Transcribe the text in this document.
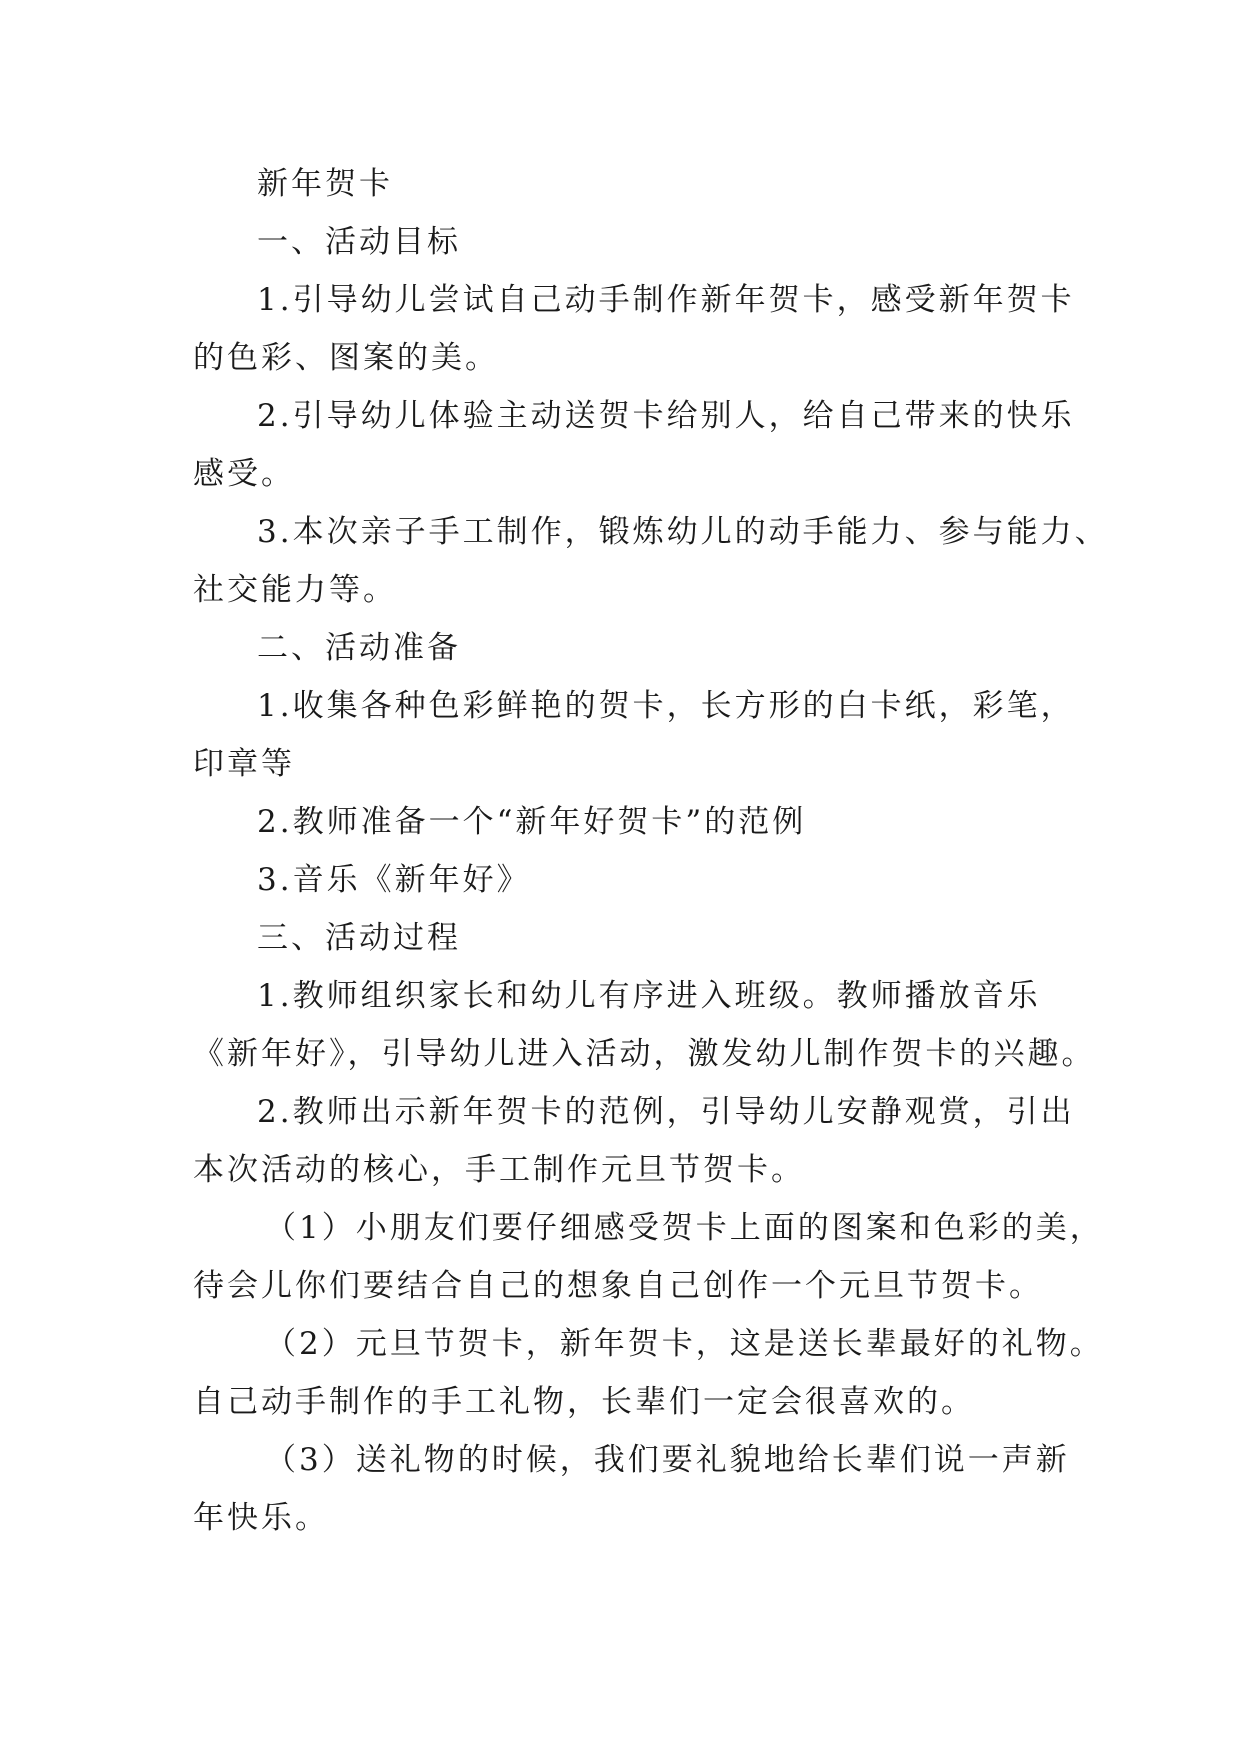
新年贺卡
一、活动目标
1.引导幼儿尝试自己动手制作新年贺卡，感受新年贺卡
的色彩、图案的美。
2.引导幼儿体验主动送贺卡给别人，给自己带来的快乐
感受。
3.本次亲子手工制作，锻炼幼儿的动手能力、参与能力、
社交能力等。
二、活动准备
1.收集各种色彩鲜艳的贺卡，长方形的白卡纸，彩笔，
印章等
2.教师准备一个“新年好贺卡”的范例
3.音乐《新年好》
三、活动过程
1.教师组织家长和幼儿有序进入班级。教师播放音乐
《新年好》，引导幼儿进入活动，激发幼儿制作贺卡的兴趣。
2.教师出示新年贺卡的范例，引导幼儿安静观赏，引出
本次活动的核心，手工制作元旦节贺卡。
（1）小朋友们要仔细感受贺卡上面的图案和色彩的美，
待会儿你们要结合自己的想象自己创作一个元旦节贺卡。
（2）元旦节贺卡，新年贺卡，这是送长辈最好的礼物。
自己动手制作的手工礼物，长辈们一定会很喜欢的。
（3）送礼物的时候，我们要礼貌地给长辈们说一声新
年快乐。
